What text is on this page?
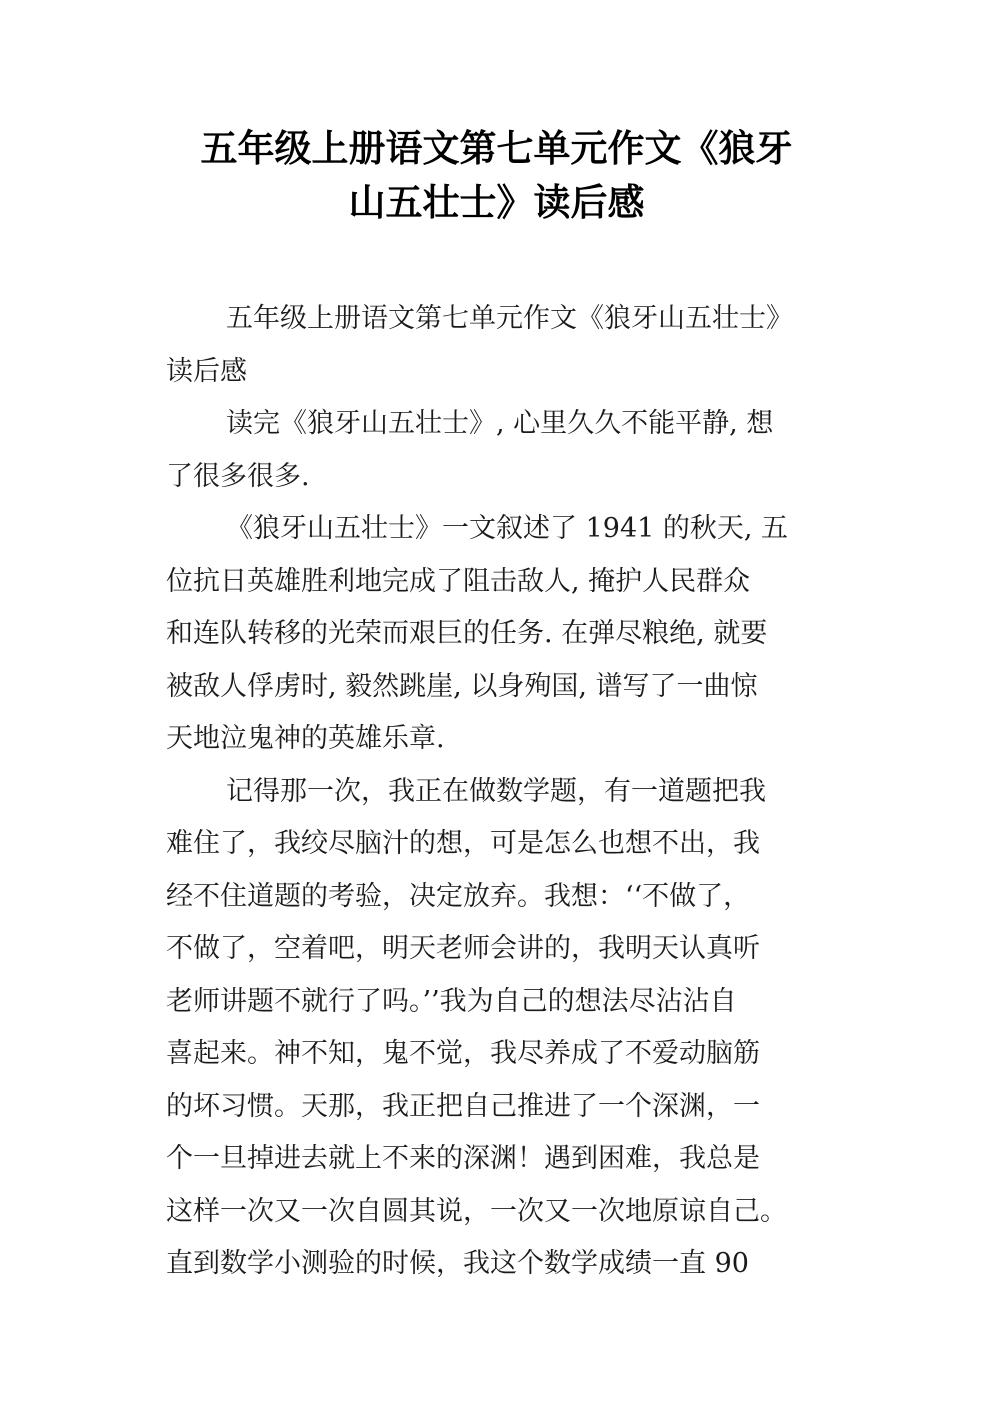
五年级上册语文第七单元作文《狼牙
山五壮士》读后感

五年级上册语文第七单元作文《狼牙山五壮士》
读后感

读完《狼牙山五壮士》, 心里久久不能平静, 想
了很多很多.

《狼牙山五壮士》一文叙述了 1941 的秋天, 五
位抗日英雄胜利地完成了阻击敌人, 掩护人民群众
和连队转移的光荣而艰巨的任务. 在弹尽粮绝, 就要
被敌人俘虏时, 毅然跳崖, 以身殉国, 谱写了一曲惊
天地泣鬼神的英雄乐章.

记得那一次，我正在做数学题，有一道题把我
难住了，我绞尽脑汁的想，可是怎么也想不出，我
经不住道题的考验，决定放弃。我想：‘‘不做了，
不做了，空着吧，明天老师会讲的，我明天认真听
老师讲题不就行了吗。’’我为自己的想法尽沾沾自
喜起来。神不知，鬼不觉，我尽养成了不爱动脑筋
的坏习惯。天那，我正把自己推进了一个深渊，一
个一旦掉进去就上不来的深渊！遇到困难，我总是
这样一次又一次自圆其说，一次又一次地原谅自己。
直到数学小测验的时候，我这个数学成绩一直 90
